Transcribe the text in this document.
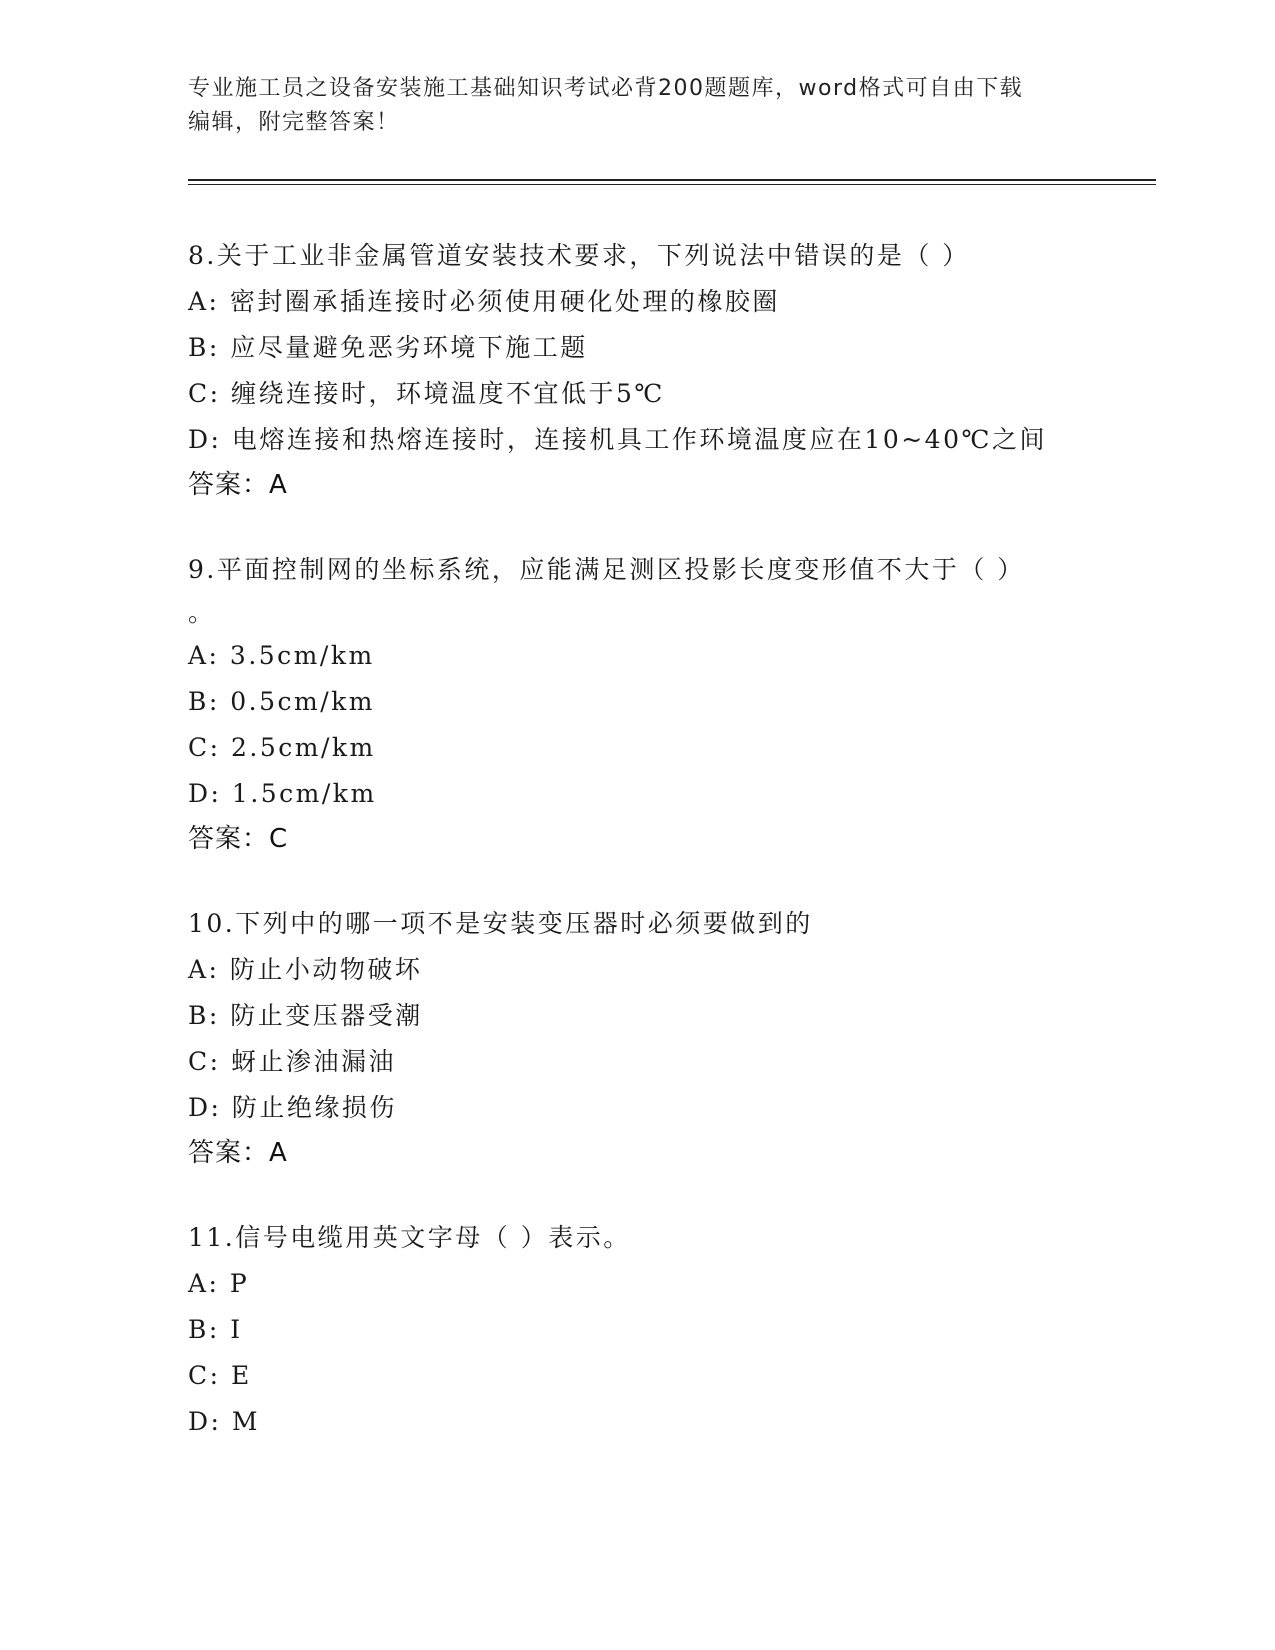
专业施工员之设备安装施工基础知识考试必背200题题库，word格式可自由下载
编辑，附完整答案！
8.关于工业非金属管道安装技术要求，下列说法中错误的是（ ）
A: 密封圈承插连接时必须使用硬化处理的橡胶圈
B: 应尽量避免恶劣环境下施工题
C: 缠绕连接时，环境温度不宜低于5℃
D: 电熔连接和热熔连接时，连接机具工作环境温度应在10~40℃之间
答案：A
9.平面控制网的坐标系统，应能满足测区投影长度变形值不大于（ ）
。
A: 3.5cm/km
B: 0.5cm/km
C: 2.5cm/km
D: 1.5cm/km
答案：C
10.下列中的哪一项不是安装变压器时必须要做到的
A: 防止小动物破坏
B: 防止变压器受潮
C: 蚜止渗油漏油
D: 防止绝缘损伤
答案：A
11.信号电缆用英文字母（ ）表示。
A: P
B: I
C: E
D: M
